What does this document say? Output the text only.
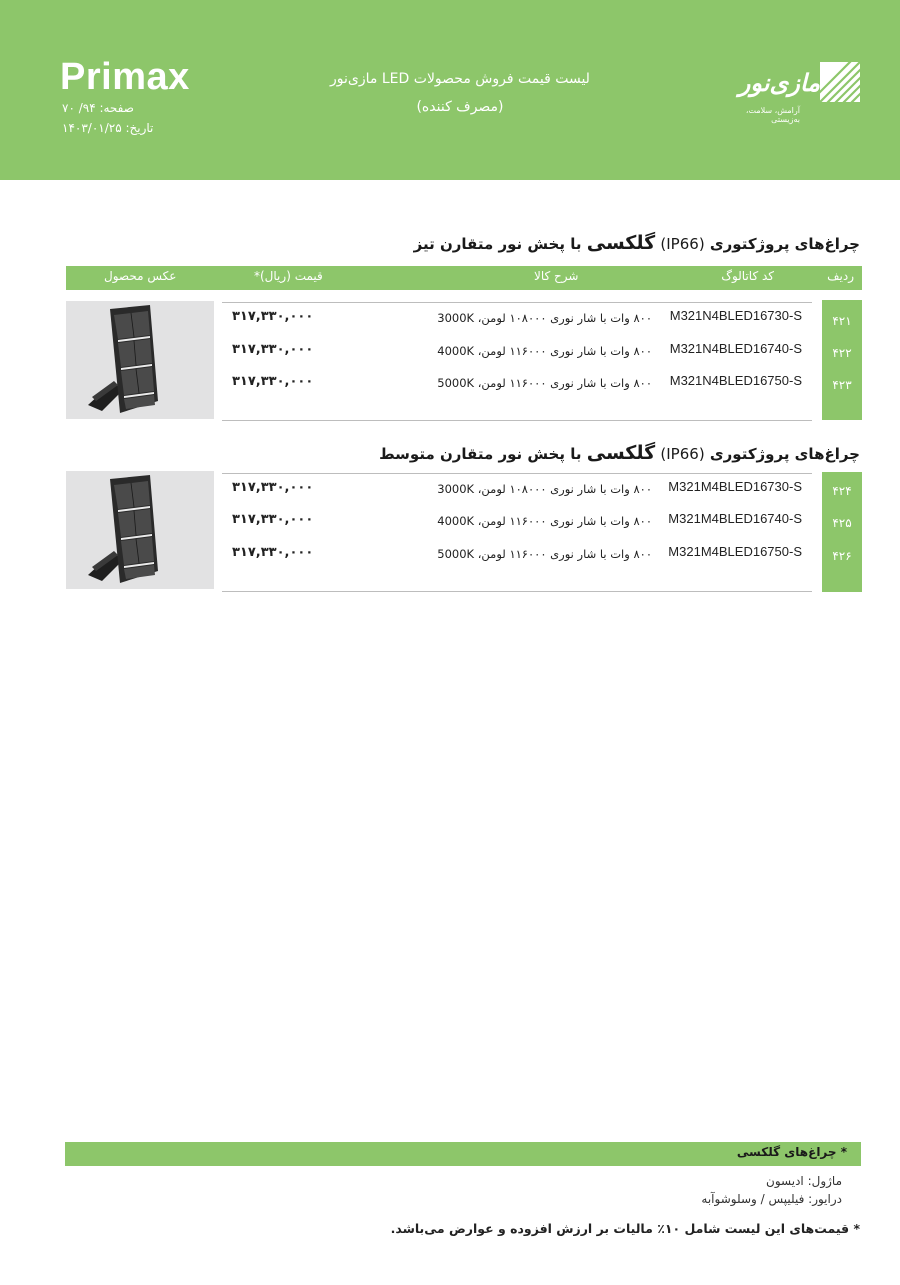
Primax
صفحه: ۹۴/ ۷۰
تاریخ: ۱۴۰۳/۰۱/۲۵
لیست قیمت فروش محصولات LED مازی‌نور
(مصرف کننده)
مازی‌نور
آرامش، سلامت، به‌زیستی
چراغ‌های پروژکتوری (IP66) گلکسی با پخش نور متقارن تیز
ردیف
کد کاتالوگ
شرح کالا
قیمت (ریال)*
عکس محصول
۴۲۱
۴۲۲
۴۲۳
M321N4BLED16730-S
۸۰۰ وات با شار نوری ۱۰۸۰۰۰ لومن، 3000K
۳۱۷,۳۳۰,۰۰۰
M321N4BLED16740-S
۸۰۰ وات با شار نوری ۱۱۶۰۰۰ لومن، 4000K
۳۱۷,۳۳۰,۰۰۰
M321N4BLED16750-S
۸۰۰ وات با شار نوری ۱۱۶۰۰۰ لومن، 5000K
۳۱۷,۳۳۰,۰۰۰
چراغ‌های پروژکتوری (IP66) گلکسی با پخش نور متقارن متوسط
۴۲۴
۴۲۵
۴۲۶
M321M4BLED16730-S
۸۰۰ وات با شار نوری ۱۰۸۰۰۰ لومن، 3000K
۳۱۷,۳۳۰,۰۰۰
M321M4BLED16740-S
۸۰۰ وات با شار نوری ۱۱۶۰۰۰ لومن، 4000K
۳۱۷,۳۳۰,۰۰۰
M321M4BLED16750-S
۸۰۰ وات با شار نوری ۱۱۶۰۰۰ لومن، 5000K
۳۱۷,۳۳۰,۰۰۰
* چراغ‌های گلکسی
ماژول: ادیسون
درایور: فیلیپس / وسلوشوآبه
* قیمت‌های این لیست شامل ۱۰٪ مالیات بر ارزش افزوده و عوارض می‌باشد.
